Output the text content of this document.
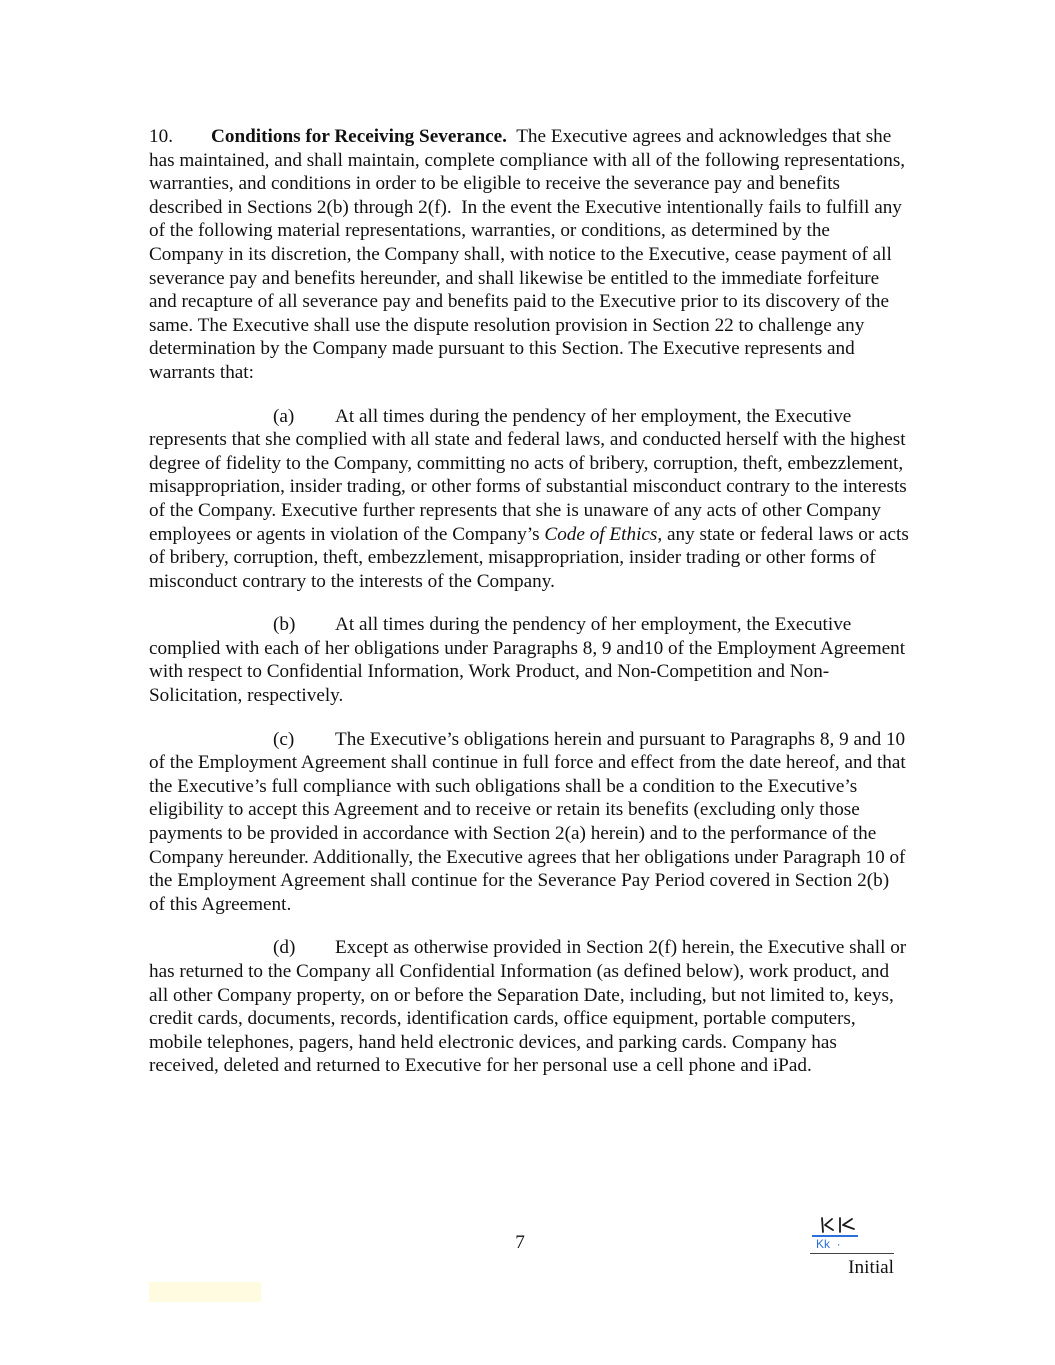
10. Conditions for Receiving Severance.  The Executive agrees and acknowledges that she has maintained, and shall maintain, complete compliance with all of the following representations, warranties, and conditions in order to be eligible to receive the severance pay and benefits described in Sections 2(b) through 2(f).  In the event the Executive intentionally fails to fulfill any of the following material representations, warranties, or conditions, as determined by the Company in its discretion, the Company shall, with notice to the Executive, cease payment of all severance pay and benefits hereunder, and shall likewise be entitled to the immediate forfeiture and recapture of all severance pay and benefits paid to the Executive prior to its discovery of the same. The Executive shall use the dispute resolution provision in Section 22 to challenge any determination by the Company made pursuant to this Section. The Executive represents and warrants that:

(a) At all times during the pendency of her employment, the Executive represents that she complied with all state and federal laws, and conducted herself with the highest degree of fidelity to the Company, committing no acts of bribery, corruption, theft, embezzlement, misappropriation, insider trading, or other forms of substantial misconduct contrary to the interests of the Company. Executive further represents that she is unaware of any acts of other Company employees or agents in violation of the Company’s Code of Ethics, any state or federal laws or acts of bribery, corruption, theft, embezzlement, misappropriation, insider trading or other forms of misconduct contrary to the interests of the Company.

(b) At all times during the pendency of her employment, the Executive complied with each of her obligations under Paragraphs 8, 9 and10 of the Employment Agreement with respect to Confidential Information, Work Product, and Non-Competition and Non-Solicitation, respectively.

(c) The Executive’s obligations herein and pursuant to Paragraphs 8, 9 and 10 of the Employment Agreement shall continue in full force and effect from the date hereof, and that the Executive’s full compliance with such obligations shall be a condition to the Executive’s eligibility to accept this Agreement and to receive or retain its benefits (excluding only those payments to be provided in accordance with Section 2(a) herein) and to the performance of the Company hereunder. Additionally, the Executive agrees that her obligations under Paragraph 10 of the Employment Agreement shall continue for the Severance Pay Period covered in Section 2(b) of this Agreement.

(d) Except as otherwise provided in Section 2(f) herein, the Executive shall or has returned to the Company all Confidential Information (as defined below), work product, and all other Company property, on or before the Separation Date, including, but not limited to, keys, credit cards, documents, records, identification cards, office equipment, portable computers, mobile telephones, pagers, hand held electronic devices, and parking cards. Company has received, deleted and returned to Executive for her personal use a cell phone and iPad.

7	Kk  ·
Initial
